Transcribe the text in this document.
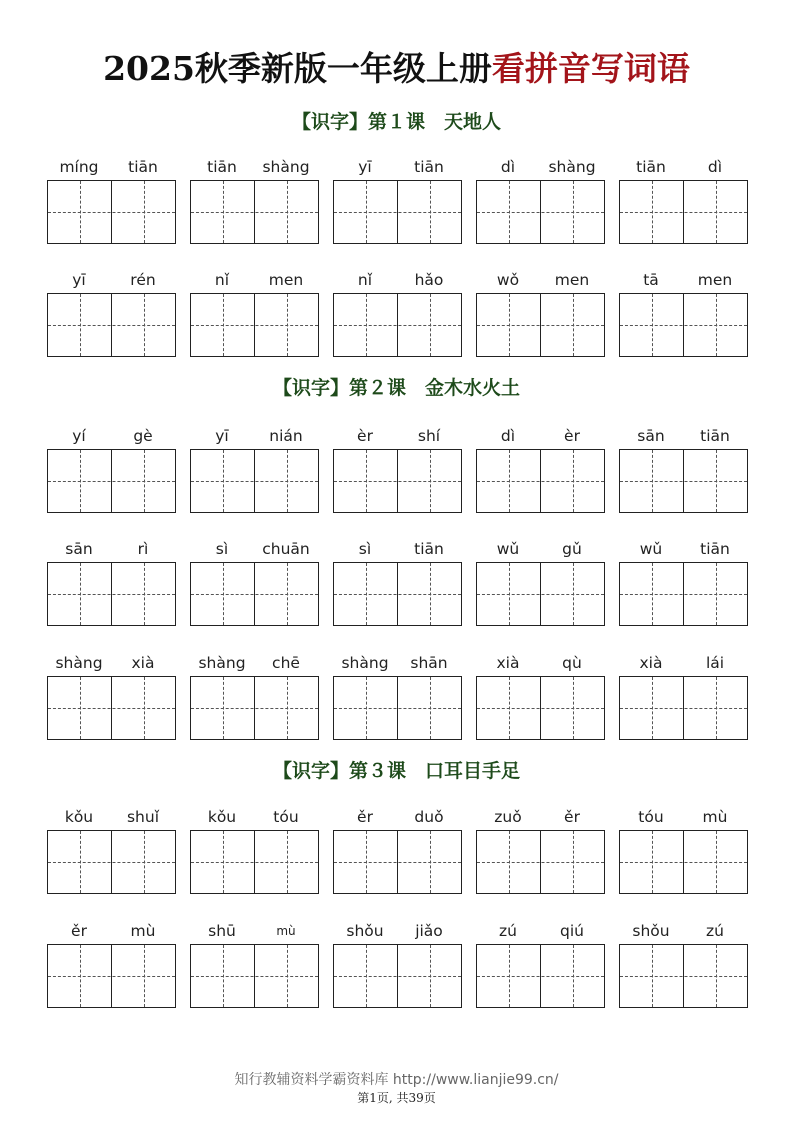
2025秋季新版一年级上册看拼音写词语
【识字】第１课　天地人
míng	tiān	tiān	shàng	yī	tiān	dì	shàng	tiān	dì
yī	rén	nǐ	men	nǐ	hǎo	wǒ	men	tā	men
【识字】第２课　金木水火土
yí	gè	yī	nián	èr	shí	dì	èr	sān	tiān
sān	rì	sì	chuān	sì	tiān	wǔ	gǔ	wǔ	tiān
shàng	xià	shàng	chē	shàng	shān	xià	qù	xià	lái
【识字】第３课　口耳目手足
kǒu	shuǐ	kǒu	tóu	ěr	duǒ	zuǒ	ěr	tóu	mù
ěr	mù	shū	mù	shǒu	jiǎo	zú	qiú	shǒu	zú
知行教辅资料学霸资料库 http://www.lianjie99.cn/
第1页, 共39页
